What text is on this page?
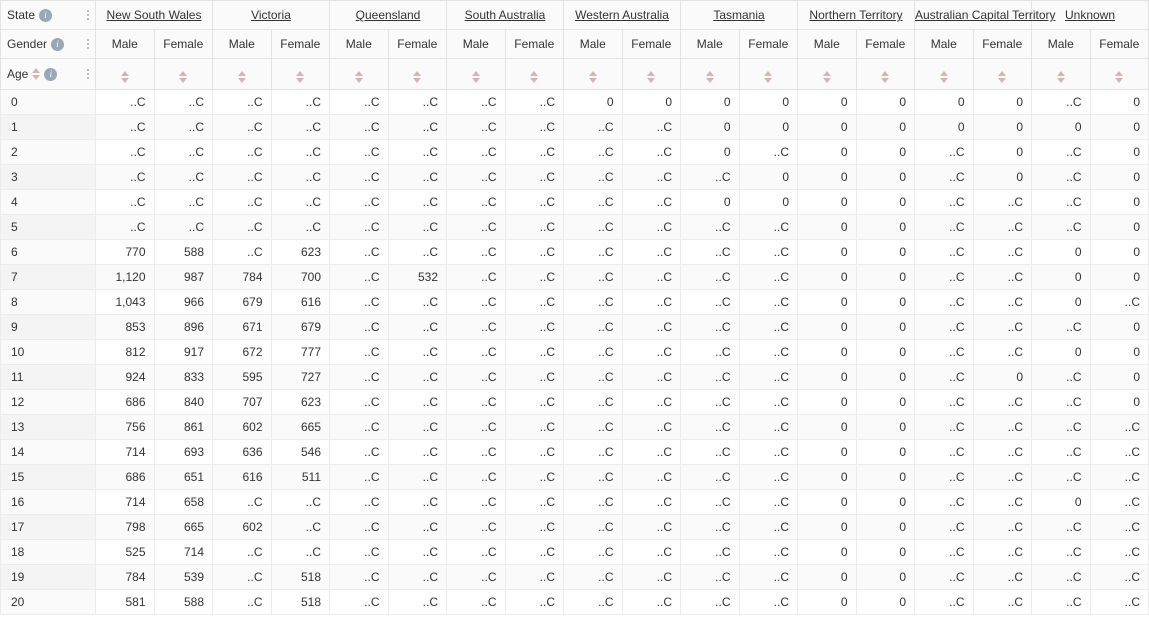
State i	New South Wales		Victoria		Queensland		South Australia		Western Australia		Tasmania		Northern Territory		Australian Capital Territory		Unknown	

Gender i	Male	Female	Male	Female	Male	Female	Male	Female	Male	Female	Male	Female	Male	Female	Male	Female	Male	Female

Age i																		

0	..C	..C	..C	..C	..C	..C	..C	..C	0	0	0	0	0	0	0	0	..C	0
1	..C	..C	..C	..C	..C	..C	..C	..C	..C	..C	0	0	0	0	0	0	0	0
2	..C	..C	..C	..C	..C	..C	..C	..C	..C	..C	0	..C	0	0	..C	0	..C	0
3	..C	..C	..C	..C	..C	..C	..C	..C	..C	..C	..C	0	0	0	..C	0	..C	0
4	..C	..C	..C	..C	..C	..C	..C	..C	..C	..C	0	0	0	0	..C	..C	..C	0
5	..C	..C	..C	..C	..C	..C	..C	..C	..C	..C	..C	..C	0	0	..C	..C	..C	0
6	770	588	..C	623	..C	..C	..C	..C	..C	..C	..C	..C	0	0	..C	..C	0	0
7	1,120	987	784	700	..C	532	..C	..C	..C	..C	..C	..C	0	0	..C	..C	0	0
8	1,043	966	679	616	..C	..C	..C	..C	..C	..C	..C	..C	0	0	..C	..C	0	..C
9	853	896	671	679	..C	..C	..C	..C	..C	..C	..C	..C	0	0	..C	..C	..C	0
10	812	917	672	777	..C	..C	..C	..C	..C	..C	..C	..C	0	0	..C	..C	0	0
11	924	833	595	727	..C	..C	..C	..C	..C	..C	..C	..C	0	0	..C	0	..C	0
12	686	840	707	623	..C	..C	..C	..C	..C	..C	..C	..C	0	0	..C	..C	..C	0
13	756	861	602	665	..C	..C	..C	..C	..C	..C	..C	..C	0	0	..C	..C	..C	..C
14	714	693	636	546	..C	..C	..C	..C	..C	..C	..C	..C	0	0	..C	..C	..C	..C
15	686	651	616	511	..C	..C	..C	..C	..C	..C	..C	..C	0	0	..C	..C	..C	..C
16	714	658	..C	..C	..C	..C	..C	..C	..C	..C	..C	..C	0	0	..C	..C	0	..C
17	798	665	602	..C	..C	..C	..C	..C	..C	..C	..C	..C	0	0	..C	..C	..C	..C
18	525	714	..C	..C	..C	..C	..C	..C	..C	..C	..C	..C	0	0	..C	..C	..C	..C
19	784	539	..C	518	..C	..C	..C	..C	..C	..C	..C	..C	0	0	..C	..C	..C	..C
20	581	588	..C	518	..C	..C	..C	..C	..C	..C	..C	..C	0	0	..C	..C	..C	..C
